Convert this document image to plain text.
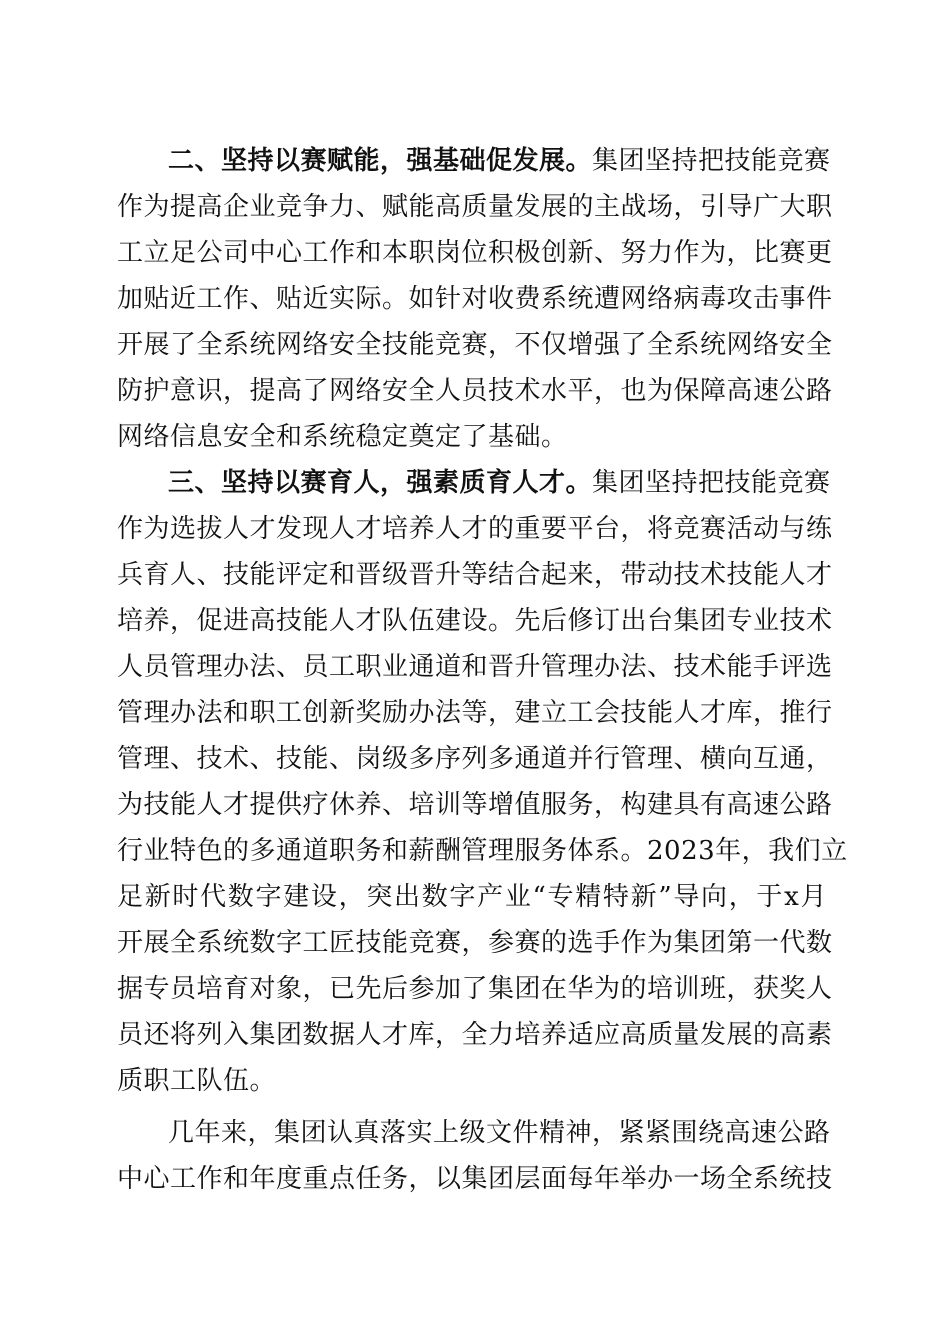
二、坚持以赛赋能，强基础促发展。集团坚持把技能竞赛
作为提高企业竞争力、赋能高质量发展的主战场，引导广大职
工立足公司中心工作和本职岗位积极创新、努力作为，比赛更
加贴近工作、贴近实际。如针对收费系统遭网络病毒攻击事件
开展了全系统网络安全技能竞赛，不仅增强了全系统网络安全
防护意识，提高了网络安全人员技术水平，也为保障高速公路
网络信息安全和系统稳定奠定了基础。
三、坚持以赛育人，强素质育人才。集团坚持把技能竞赛
作为选拔人才发现人才培养人才的重要平台，将竞赛活动与练
兵育人、技能评定和晋级晋升等结合起来，带动技术技能人才
培养，促进高技能人才队伍建设。先后修订出台集团专业技术
人员管理办法、员工职业通道和晋升管理办法、技术能手评选
管理办法和职工创新奖励办法等，建立工会技能人才库，推行
管理、技术、技能、岗级多序列多通道并行管理、横向互通，
为技能人才提供疗休养、培训等增值服务，构建具有高速公路
行业特色的多通道职务和薪酬管理服务体系。2023年，我们立
足新时代数字建设，突出数字产业“专精特新”导向，于x月
开展全系统数字工匠技能竞赛，参赛的选手作为集团第一代数
据专员培育对象，已先后参加了集团在华为的培训班，获奖人
员还将列入集团数据人才库，全力培养适应高质量发展的高素
质职工队伍。
几年来，集团认真落实上级文件精神，紧紧围绕高速公路
中心工作和年度重点任务，以集团层面每年举办一场全系统技
